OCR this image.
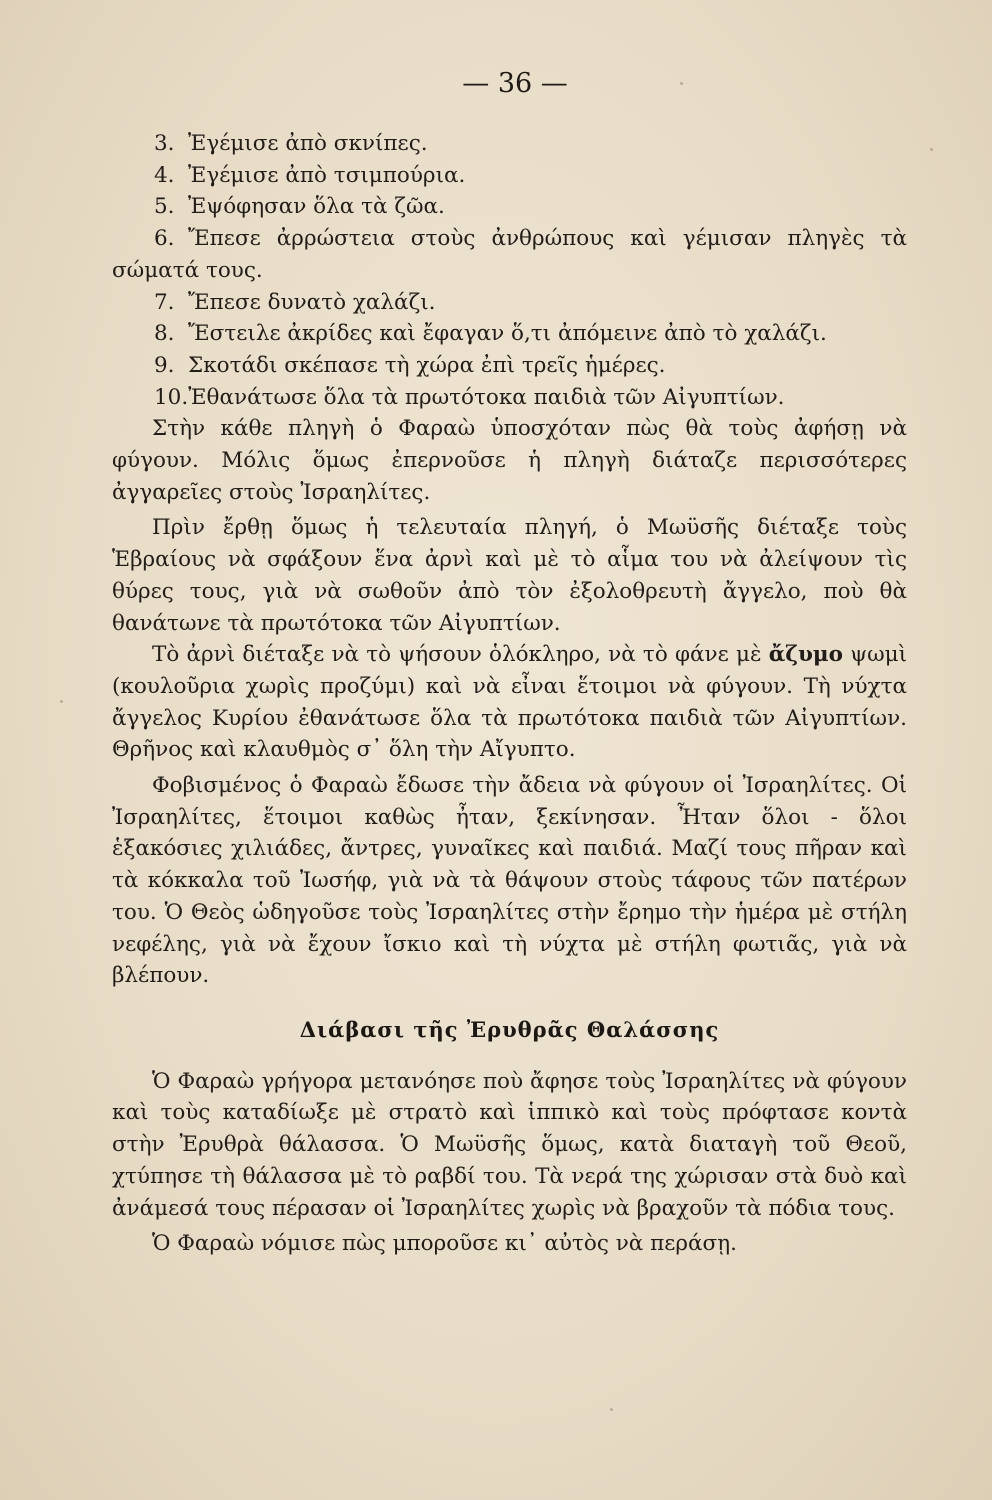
— 36 —

3. Ἐγέμισε ἀπὸ σκνίπες.

4. Ἐγέμισε ἀπὸ τσιμπούρια.

5. Ἐψόφησαν ὅλα τὰ ζῶα.

6. Ἔπεσε ἀρρώστεια στοὺς ἀνθρώπους καὶ γέμισαν πληγὲς τὰ σώματά τους.

7. Ἔπεσε δυνατὸ χαλάζι.

8. Ἔστειλε ἀκρίδες καὶ ἔφαγαν ὅ,τι ἀπόμεινε ἀπὸ τὸ χαλάζι.

9. Σκοτάδι σκέπασε τὴ χώρα ἐπὶ τρεῖς ἡμέρες.

10.Ἐθανάτωσε ὅλα τὰ πρωτότοκα παιδιὰ τῶν Αἰγυπτίων.

Στὴν κάθε πληγὴ ὁ Φαραὼ ὑποσχόταν πὼς θὰ τοὺς ἀφήσῃ νὰ φύγουν. Μόλις ὅμως ἐπερνοῦσε ἡ πληγὴ διάταζε περισσότερες ἀγγαρεῖες στοὺς Ἰσραηλίτες.

Πρὶν ἔρθῃ ὅμως ἡ τελευταία πληγή, ὁ Μωϋσῆς διέταξε τοὺς Ἑβραίους νὰ σφάξουν ἕνα ἀρνὶ καὶ μὲ τὸ αἷμα του νὰ ἀλείψουν τὶς θύρες τους, γιὰ νὰ σωθοῦν ἀπὸ τὸν ἐξολοθρευτὴ ἄγγελο, ποὺ θὰ θανάτωνε τὰ πρωτότοκα τῶν Αἰγυπτίων.

Τὸ ἀρνὶ διέταξε νὰ τὸ ψήσουν ὁλόκληρο, νὰ τὸ φάνε μὲ ἄζυμο ψωμὶ (κουλοῦρια χωρὶς προζύμι) καὶ νὰ εἶναι ἕτοιμοι νὰ φύγουν. Τὴ νύχτα ἄγγελος Κυρίου ἐθανάτωσε ὅλα τὰ πρωτότοκα παιδιὰ τῶν Αἰγυπτίων. Θρῆνος καὶ κλαυθμὸς σ᾿ ὅλη τὴν Αἴγυπτο.

Φοβισμένος ὁ Φαραὼ ἔδωσε τὴν ἄδεια νὰ φύγουν οἱ Ἰσραηλίτες. Οἱ Ἰσραηλίτες, ἕτοιμοι καθὼς ἦταν, ξεκίνησαν. Ἦταν ὅλοι - ὅλοι ἑξακόσιες χιλιάδες, ἄντρες, γυναῖκες καὶ παιδιά. Μαζί τους πῆραν καὶ τὰ κόκκαλα τοῦ Ἰωσήφ, γιὰ νὰ τὰ θάψουν στοὺς τάφους τῶν πατέρων του. Ὁ Θεὸς ὡδηγοῦσε τοὺς Ἰσραηλίτες στὴν ἔρημο τὴν ἡμέρα μὲ στήλη νεφέλης, γιὰ νὰ ἔχουν ἴσκιο καὶ τὴ νύχτα μὲ στήλη φωτιᾶς, γιὰ νὰ βλέπουν.

Διάβασι τῆς Ἐρυθρᾶς Θαλάσσης

Ὁ Φαραὼ γρήγορα μετανόησε ποὺ ἄφησε τοὺς Ἰσραηλίτες νὰ φύγουν καὶ τοὺς καταδίωξε μὲ στρατὸ καὶ ἱππικὸ καὶ τοὺς πρόφτασε κοντὰ στὴν Ἐρυθρὰ θάλασσα. Ὁ Μωϋσῆς ὅμως, κατὰ διαταγὴ τοῦ Θεοῦ, χτύπησε τὴ θάλασσα μὲ τὸ ραβδί του. Τὰ νερά της χώρισαν στὰ δυὸ καὶ ἀνάμεσά τους πέρασαν οἱ Ἰσραηλίτες χωρὶς νὰ βραχοῦν τὰ πόδια τους.

Ὁ Φαραὼ νόμισε πὼς μποροῦσε κι᾿ αὐτὸς νὰ περάσῃ.
